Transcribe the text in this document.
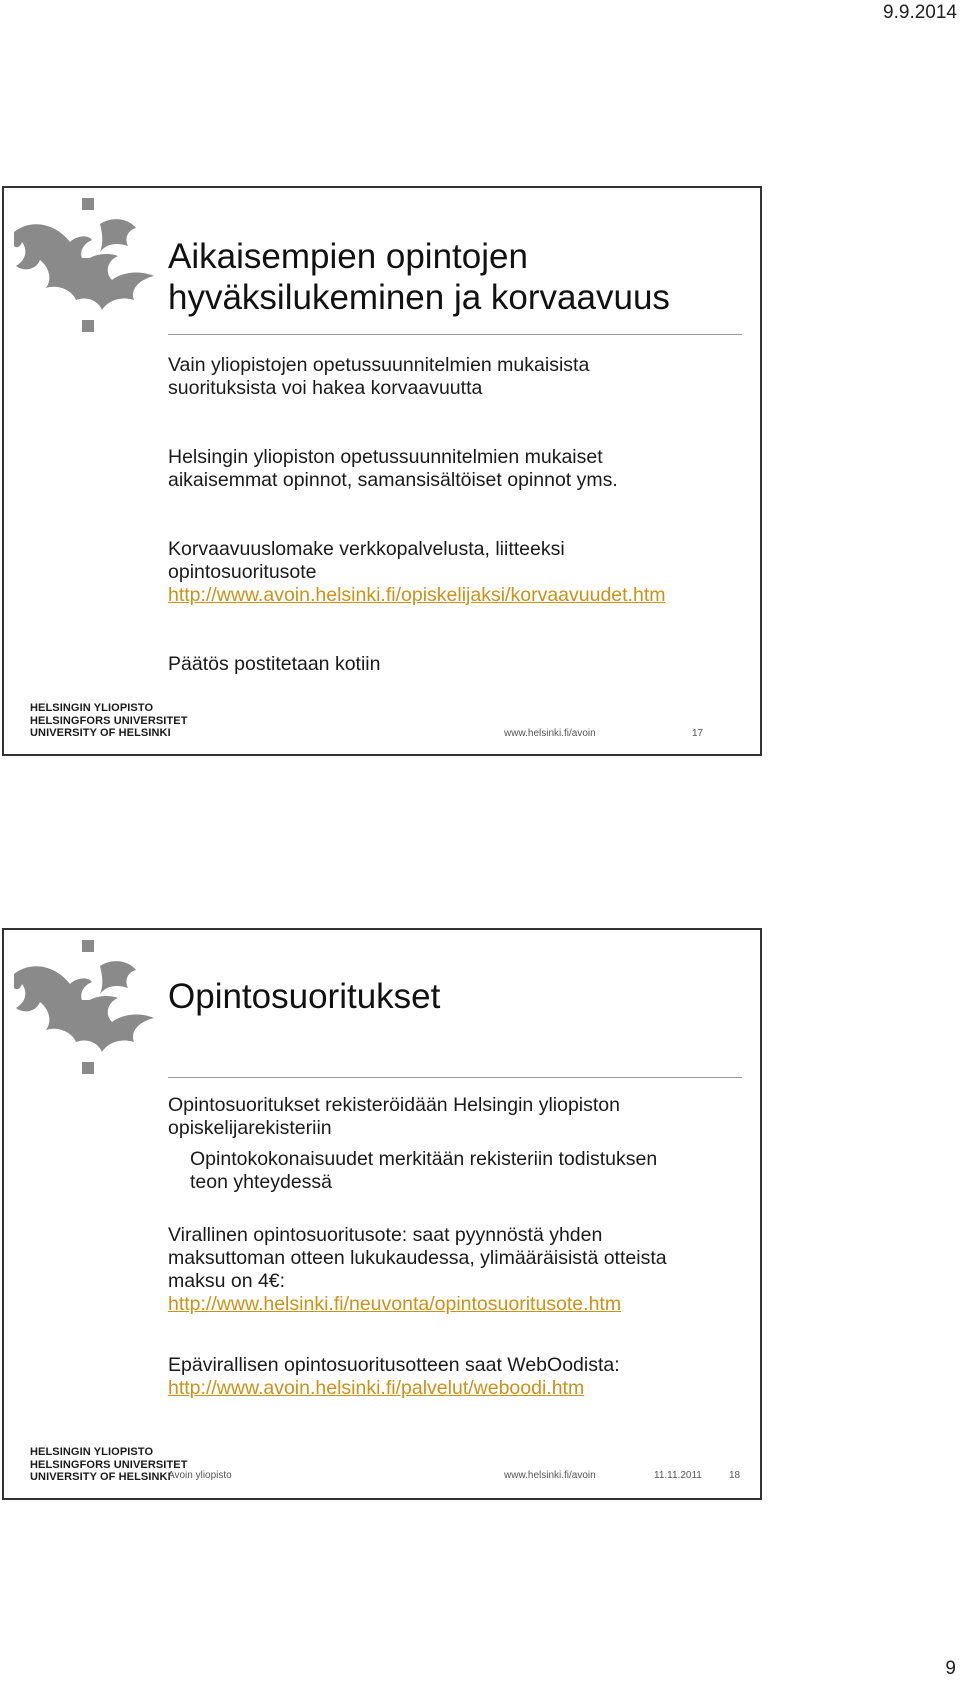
9.9.2014
Aikaisempien opintojen
hyväksilukeminen ja korvaavuus

Vain yliopistojen opetussuunnitelmien mukaisista
suorituksista voi hakea korvaavuutta

Helsingin yliopiston opetussuunnitelmien mukaiset
aikaisemmat opinnot, samansisältöiset opinnot yms.

Korvaavuuslomake verkkopalvelusta, liitteeksi
opintosuoritusote
http://www.avoin.helsinki.fi/opiskelijaksi/korvaavuudet.htm

Päätös postitetaan kotiin

HELSINGIN YLIOPISTO
HELSINGFORS UNIVERSITET
UNIVERSITY OF HELSINKI	www.helsinki.fi/avoin	17
Opintosuoritukset

Opintosuoritukset rekisteröidään Helsingin yliopiston
opiskelijarekisteriin

Opintokokonaisuudet merkitään rekisteriin todistuksen
teon yhteydessä

Virallinen opintosuoritusote: saat pyynnöstä yhden
maksuttoman otteen lukukaudessa, ylimääräisistä otteista
maksu on 4€:
http://www.helsinki.fi/neuvonta/opintosuoritusote.htm

Epävirallisen opintosuoritusotteen saat WebOodista:
http://www.avoin.helsinki.fi/palvelut/weboodi.htm

HELSINGIN YLIOPISTO
HELSINGFORS UNIVERSITET
UNIVERSITY OF HELSINKI
Avoin yliopisto	www.helsinki.fi/avoin	11.11.2011	18
9
